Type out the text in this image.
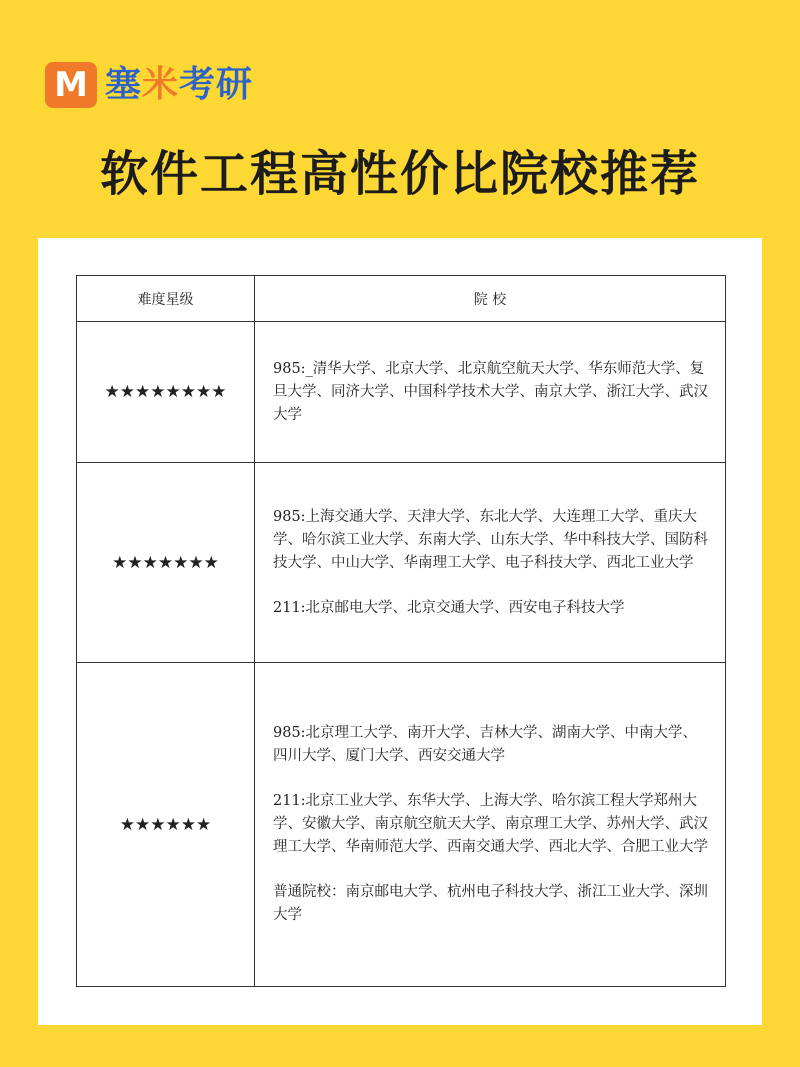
M 塞米考研
软件工程高性价比院校推荐
难度星级	院 校
★★★★★★★★	985:_清华大学、北京大学、北京航空航天大学、华东师范大学、复旦大学、同济大学、中国科学技术大学、南京大学、浙江大学、武汉大学

★★★★★★★	985:上海交通大学、天津大学、东北大学、大连理工大学、重庆大学、哈尔滨工业大学、东南大学、山东大学、华中科技大学、国防科技大学、中山大学、华南理工大学、电子科技大学、西北工业大学

211:北京邮电大学、北京交通大学、西安电子科技大学

★★★★★★	985:北京理工大学、南开大学、吉林大学、湖南大学、中南大学、四川大学、厦门大学、西安交通大学

211:北京工业大学、东华大学、上海大学、哈尔滨工程大学郑州大学、安徽大学、南京航空航天大学、南京理工大学、苏州大学、武汉理工大学、华南师范大学、西南交通大学、西北大学、合肥工业大学

普通院校：南京邮电大学、杭州电子科技大学、浙江工业大学、深圳大学
